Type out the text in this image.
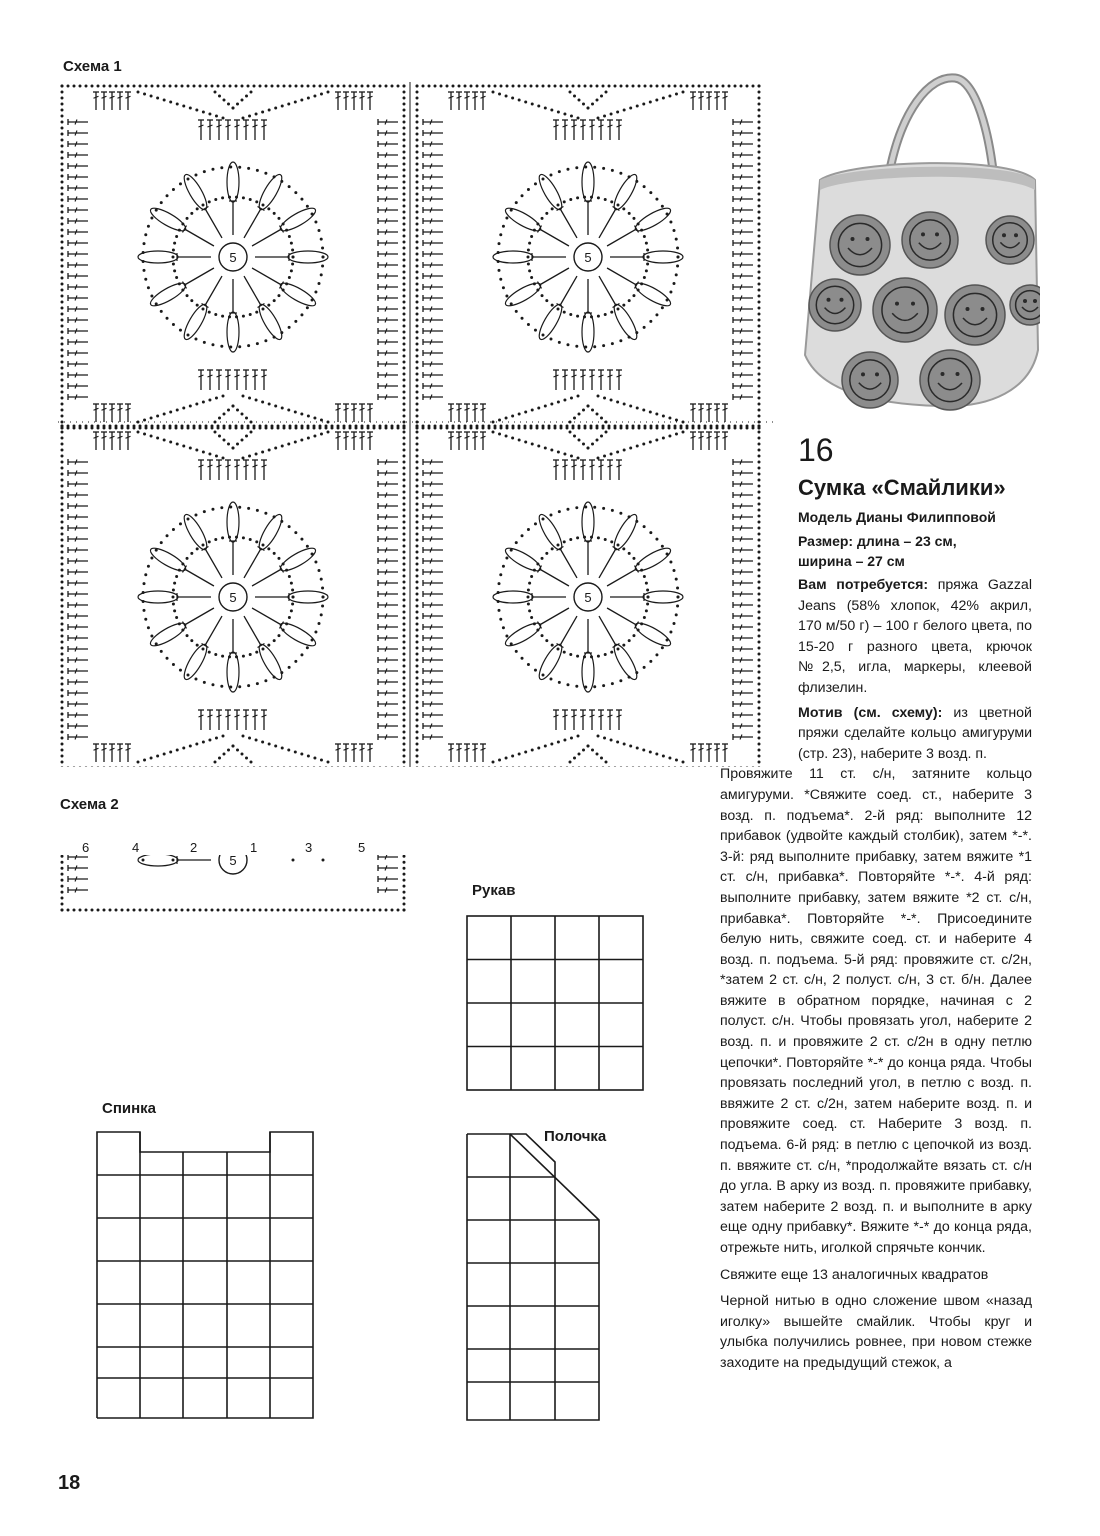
Схема 1
5	5
5	5
Схема 2
6	4	2	1	3	5
5
Рукав
Спинка
Полочка
16
Сумка «Смайлики»
Модель Дианы Филипповой
Размер: длина – 23 см,
ширина – 27 см
Вам потребуется: пряжа Gazzal Jeans (58% хлопок, 42% акрил, 170 м/50 г) – 100 г белого цвета, по 15-20 г разного цвета, крючок №2,5, игла, маркеры, клеевой флизелин.
Мотив (см. схему): из цветной пряжи сделайте кольцо амигуруми (стр. 23), наберите 3 возд. п.
Провяжите 11 ст. с/н, затяните кольцо амигуруми. *Свяжите соед. ст., наберите 3 возд. п. подъема*. 2-й ряд: выполните 12 прибавок (удвойте каждый столбик), затем *-*. 3-й: ряд выполните прибавку, затем вяжите *1 ст. с/н, прибавка*. Повторяйте *-*. 4-й ряд: выполните прибавку, затем вяжите *2 ст. с/н, прибавка*. Повторяйте *-*. Присоедините белую нить, свяжите соед. ст. и наберите 4 возд. п. подъема. 5-й ряд: провяжите ст. с/2н, *затем 2 ст. с/н, 2 полуст. с/н, 3 ст. б/н. Далее вяжите в обратном порядке, начиная с 2 полуст. с/н. Чтобы провязать угол, наберите 2 возд. п. и провяжите 2 ст. с/2н в одну петлю цепочки*. Повторяйте *-* до конца ряда. Чтобы провязать последний угол, в петлю с возд. п. ввяжите 2 ст. с/2н, затем наберите возд. п. и провяжите соед. ст. Наберите 3 возд. п. подъема. 6-й ряд: в петлю с цепочкой из возд. п. ввяжите ст. с/н, *продолжайте вязать ст. с/н до угла. В арку из возд. п. провяжите прибавку, затем наберите 2 возд. п. и выполните в арку еще одну прибавку*. Вяжите *-* до конца ряда, отрежьте нить, иголкой спрячьте кончик.
Свяжите еще 13 аналогичных квадратов
Черной нитью в одно сложение швом «назад иголку» вышейте смайлик. Чтобы круг и улыбка получились ровнее, при новом стежке заходите на предыдущий стежок, а
18
